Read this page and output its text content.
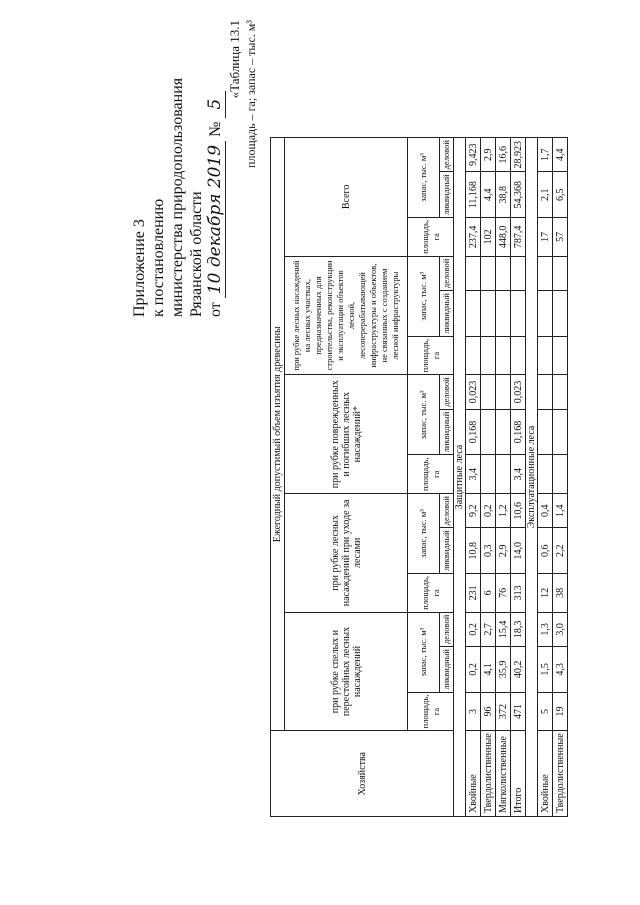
Приложение 3 к постановлению министерства природопользования Рязанской области от 10 декабря 2019 № 5
«Таблица 13.1 площадь – га; запас – тыс. м³
Хозяйства	Ежегодный допустимый объем изъятия древесины														
	при рубке спелых и перестойных лесных насаждений			при рубке лесных насаждений при уходе за лесами			при рубке поврежденных и погибших лесных насаждений*			при рубке лесных насаждений на лесных участках, предназначенных для строительства, реконструкции и эксплуатации объектов лесной, лесоперерабатывающей инфраструктуры и объектов, не связанных с созданием лесной инфраструктуры			Всего		
	площадь, га	запас, тыс. м³		площадь, га	запас, тыс. м³		площадь, га	запас, тыс. м³		площадь, га	запас, тыс. м³		площадь, га	запас, тыс. м³	
		ликвидный	деловой		ликвидный	деловой		ликвидный	деловой		ликвидный	деловой		ликвидный	деловой
Защитные леса															
Хвойные	3	0,2	0,2	231	10,8	9,2	3,4	0,168	0,023				237,4	11,168	9,423
Твердолиственные	96	4,1	2,7	6	0,3	0,2							102	4,4	2,9
Мягколиственные	372	35,9	15,4	76	2,9	1,2							448,0	38,8	16,6
Итого	471	40,2	18,3	313	14,0	10,6	3,4	0,168	0,023				787,4	54,368	28,923
Эксплуатационные леса															
Хвойные	5	1,5	1,3	12	0,6	0,4							17	2,1	1,7
Твердолиственные	19	4,3	3,0	38	2,2	1,4							57	6,5	4,4
